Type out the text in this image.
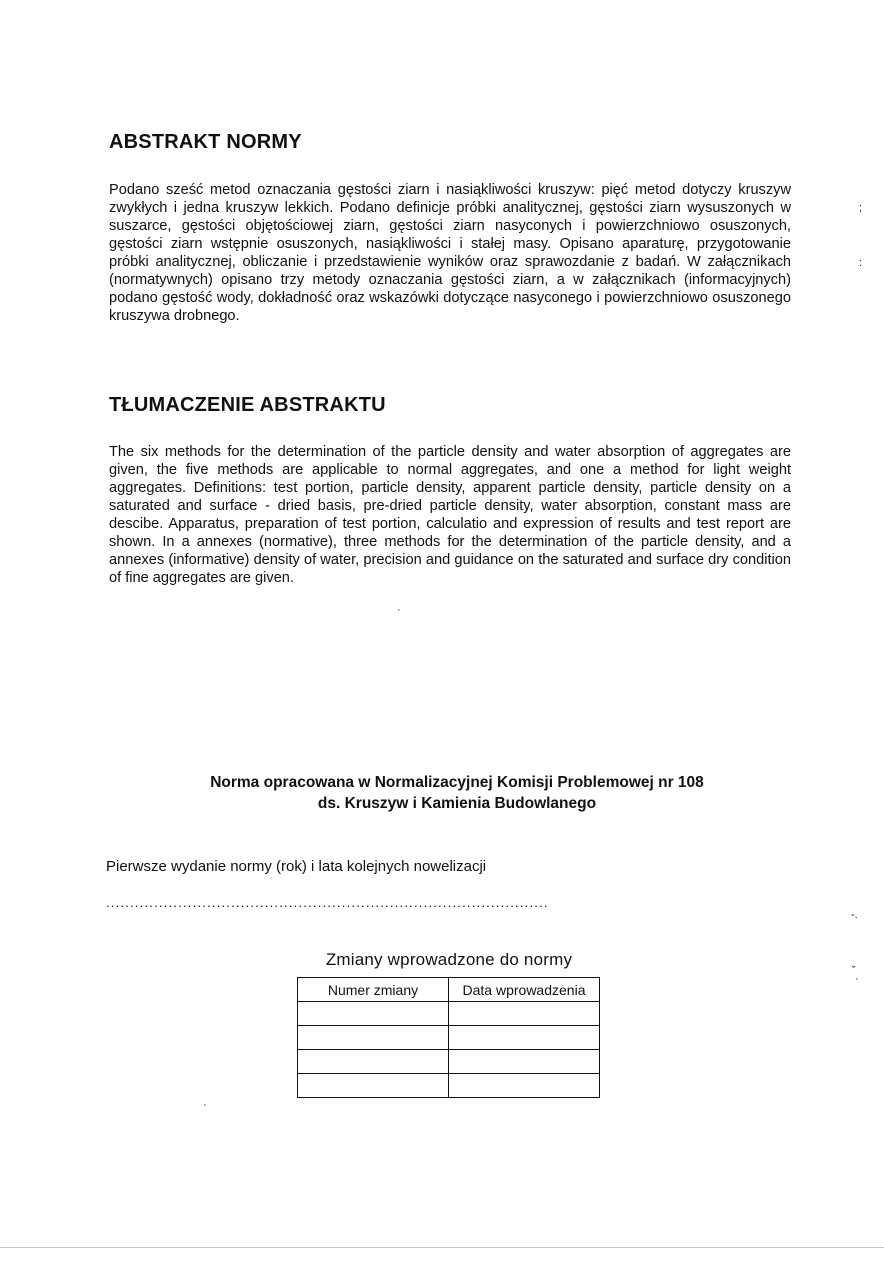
ABSTRAKT NORMY

Podano sześć metod oznaczania gęstości ziarn i nasiąkliwości kruszyw: pięć metod dotyczy kruszyw zwykłych i jedna kruszyw lekkich. Podano definicje próbki analitycznej, gęstości ziarn wysuszonych w suszarce, gęstości objętościowej ziarn, gęstości ziarn nasyconych i powierzchniowo osuszonych, gęstości ziarn wstępnie osuszonych, nasiąkliwości i stałej masy. Opisano aparaturę, przygotowanie próbki analitycznej, obliczanie i przedstawienie wyników oraz sprawozdanie z badań. W załącznikach (normatywnych) opisano trzy metody oznaczania gęstości ziarn, a w załącznikach (informacyjnych) podano gęstość wody, dokładność oraz wskazówki dotyczące nasyconego i powierzchniowo osuszonego kruszywa drobnego.

TŁUMACZENIE ABSTRAKTU

The six methods for the determination of the particle density and water absorption of aggregates are given, the five methods are applicable to normal aggregates, and one a method for light weight aggregates. Definitions: test portion, particle density, apparent particle density, particle density on a saturated and surface - dried basis, pre-dried particle density, water absorption, constant mass are descibe. Apparatus, preparation of test portion, calculatio and expression of results and test report are shown. In a annexes (normative), three methods for the determination of the particle density, and a annexes (informative) density of water, precision and guidance on the saturated and surface dry condition of fine aggregates are given.

Norma opracowana w Normalizacyjnej Komisji Problemowej nr 108
ds. Kruszyw i Kamienia Budowlanego
Pierwsze wydanie normy (rok) i lata kolejnych nowelizacji
............................................................................................
Zmiany wprowadzone do normy
Numer zmiany	Data wprowadzenia

;
:
-.
˘
·
·
·
